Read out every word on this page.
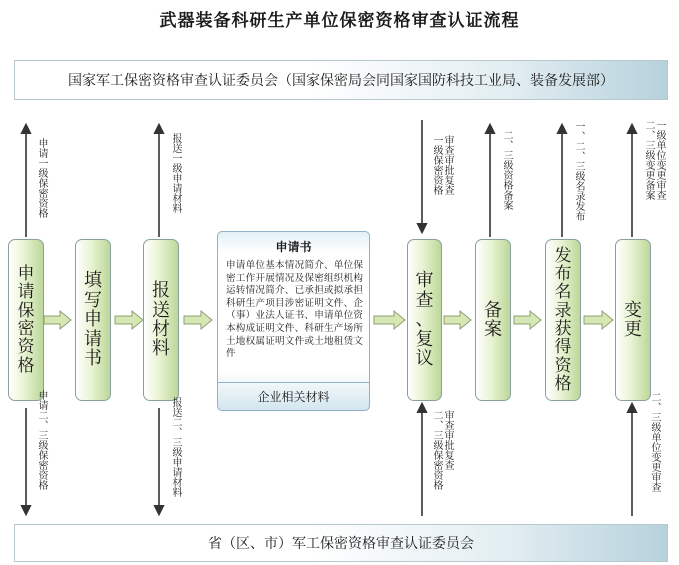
武器装备科研生产单位保密资格审查认证流程
国家军工保密资格审查认证委员会（国家保密局会同国家国防科技工业局、装备发展部）
申
请
保
密
资
格
填
写
申
请
书
报
送
材
料
审
查
、
复
议
备
案
发
布
名
录
获
得
资
格
变
更
申请书
申请单位基本情况简介、单位保密工作开展情况及保密组织机构运转情况简介、已承担或拟承担科研生产项目涉密证明文件、企（事）业法人证书、申请单位资本构成证明文件、科研生产场所土地权属证明文件或土地租赁文件
企业相关材料
申请一级保密资格
申请二、三级保密资格
报送一级申请材料
报送二、三级申请材料
审查审批复查
一级保密资格
审查审批复查
二、三级保密资格
二、三级资格备案	一、二、三级名录发布	一级单位变更审查
二、三级变更备案
二、三级单位变更审查
省（区、市）军工保密资格审查认证委员会
